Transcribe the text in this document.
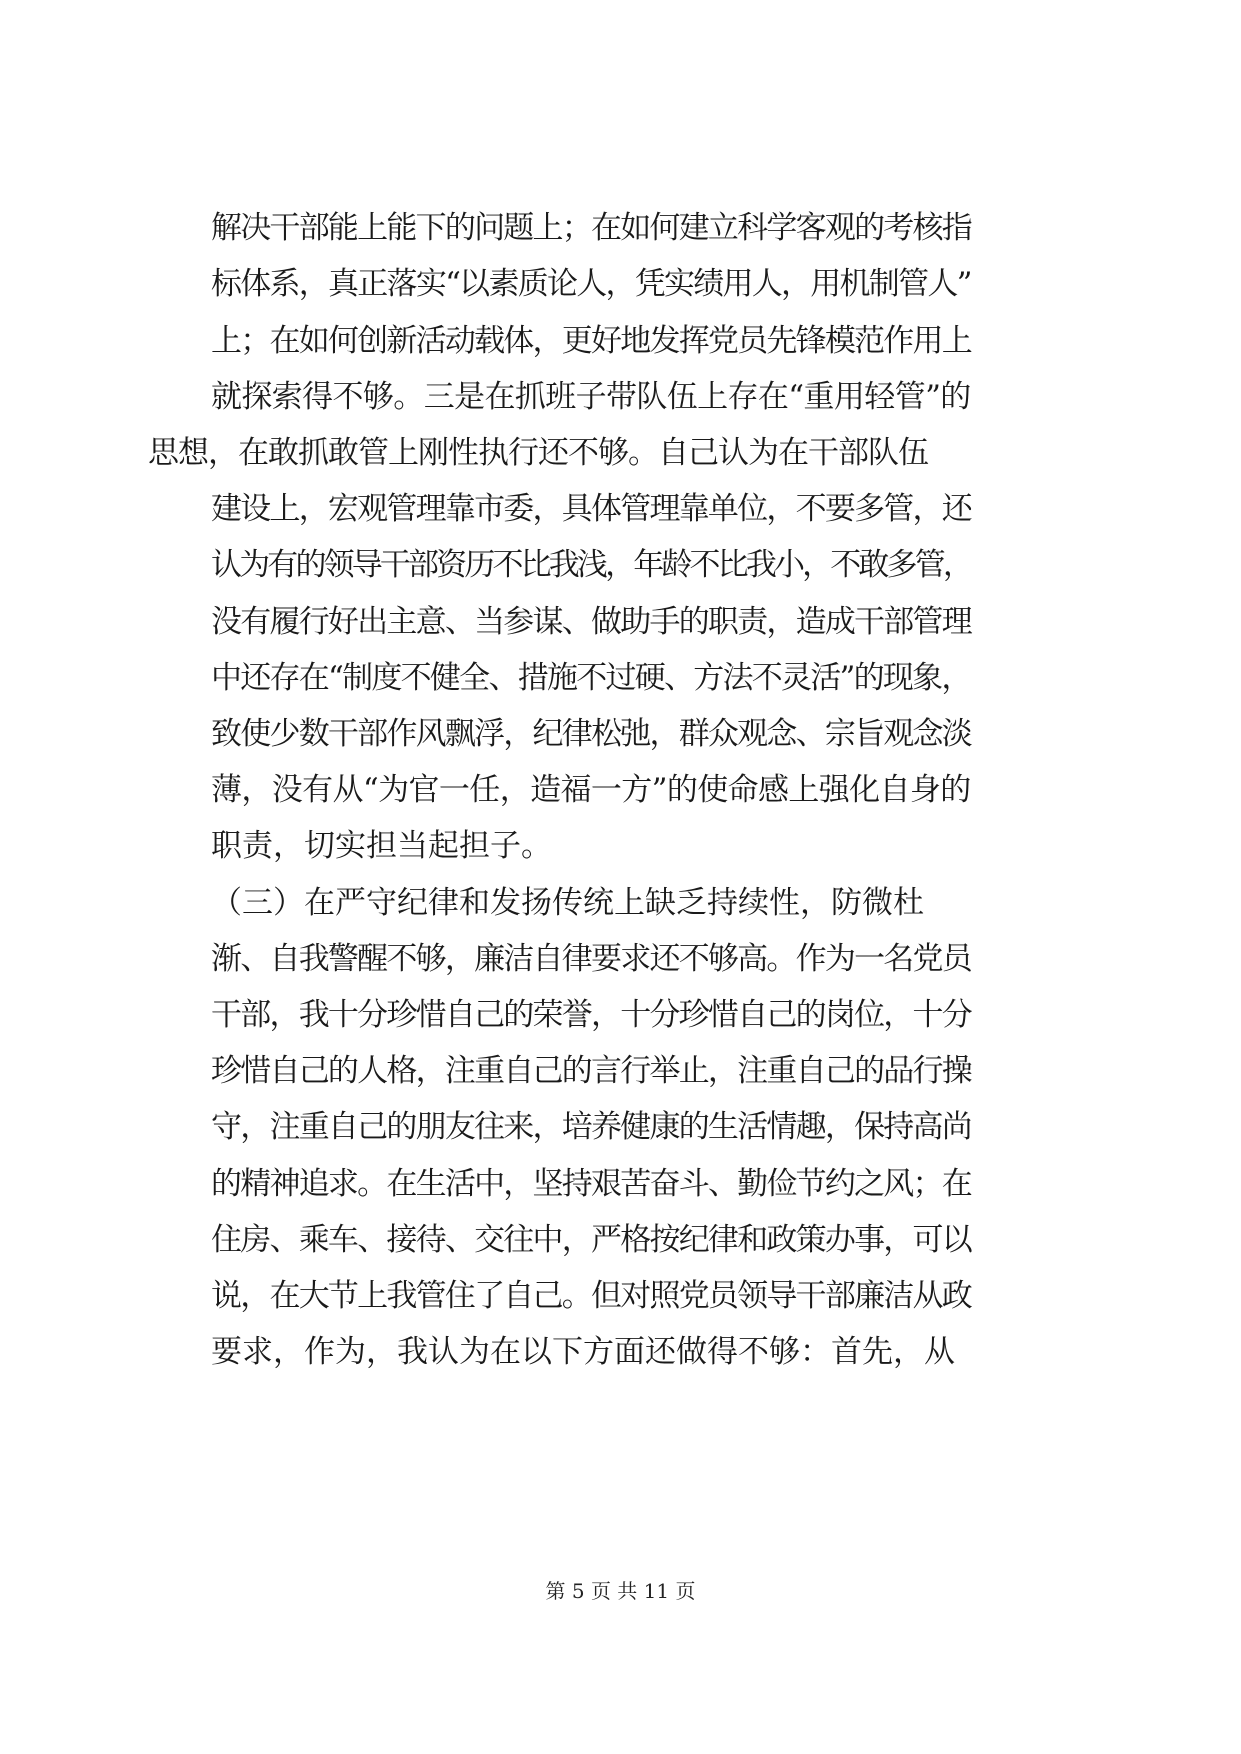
解决干部能上能下的问题上；在如何建立科学客观的考核指
标体系，真正落实“以素质论人，凭实绩用人，用机制管人”
上；在如何创新活动载体，更好地发挥党员先锋模范作用上
就探索得不够。三是在抓班子带队伍上存在“重用轻管”的
思想，在敢抓敢管上刚性执行还不够。自己认为在干部队伍
建设上，宏观管理靠市委，具体管理靠单位，不要多管，还
认为有的领导干部资历不比我浅，年龄不比我小，不敢多管，
没有履行好出主意、当参谋、做助手的职责，造成干部管理
中还存在“制度不健全、措施不过硬、方法不灵活”的现象，
致使少数干部作风飘浮，纪律松弛，群众观念、宗旨观念淡
薄，没有从“为官一任，造福一方”的使命感上强化自身的
职责，切实担当起担子。
（三）在严守纪律和发扬传统上缺乏持续性，防微杜
渐、自我警醒不够，廉洁自律要求还不够高。作为一名党员
干部，我十分珍惜自己的荣誉，十分珍惜自己的岗位，十分
珍惜自己的人格，注重自己的言行举止，注重自己的品行操
守，注重自己的朋友往来，培养健康的生活情趣，保持高尚
的精神追求。在生活中，坚持艰苦奋斗、勤俭节约之风；在
住房、乘车、接待、交往中，严格按纪律和政策办事，可以
说，在大节上我管住了自己。但对照党员领导干部廉洁从政
要求，作为，我认为在以下方面还做得不够：首先，从
第 5 页 共 11 页
